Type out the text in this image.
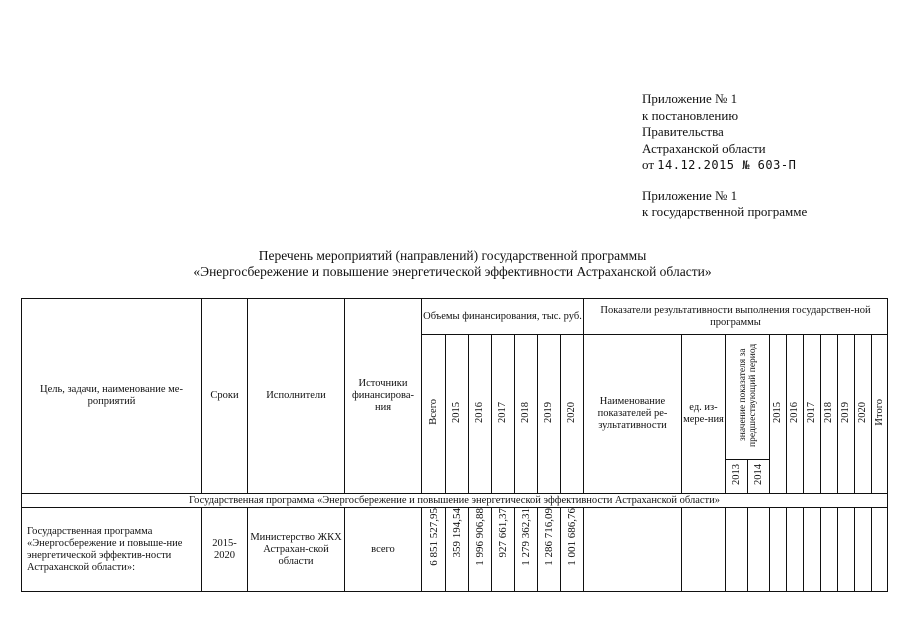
Приложение № 1
к постановлению
Правительства
Астраханской области
от 14.12.2015 № 603-П
Приложение № 1
к государственной программе
Перечень мероприятий (направлений) государственной программы
«Энергосбережение и повышение энергетической эффективности Астраханской области»
Цель, задачи, наименование ме-роприятий	Сроки	Исполнители	Источники финансирова-ния	Объемы финансирования, тыс. руб.							Показатели результативности выполнения государствен-ной программы										
				Всего	2015	2016	2017	2018	2019	2020	Наименование показателей ре-зультативности	ед. из-мере-ния	значение показателя за предшествующий период		2015	2016	2017	2018	2019	2020	Итого
													2013	2014							
Государственная программа «Энергосбережение и повышение энергетической эффективности Астраханской области»																					
Государственная программа «Энергосбережение и повыше-ние энергетической эффектив-ности Астраханской области»:	2015-2020	Министерство ЖКХ Астрахан-ской области	всего	6 851 527,95	359 194,54	1 996 906,88	927 661,37	1 279 362,31	1 286 716,09	1 001 686,76											
